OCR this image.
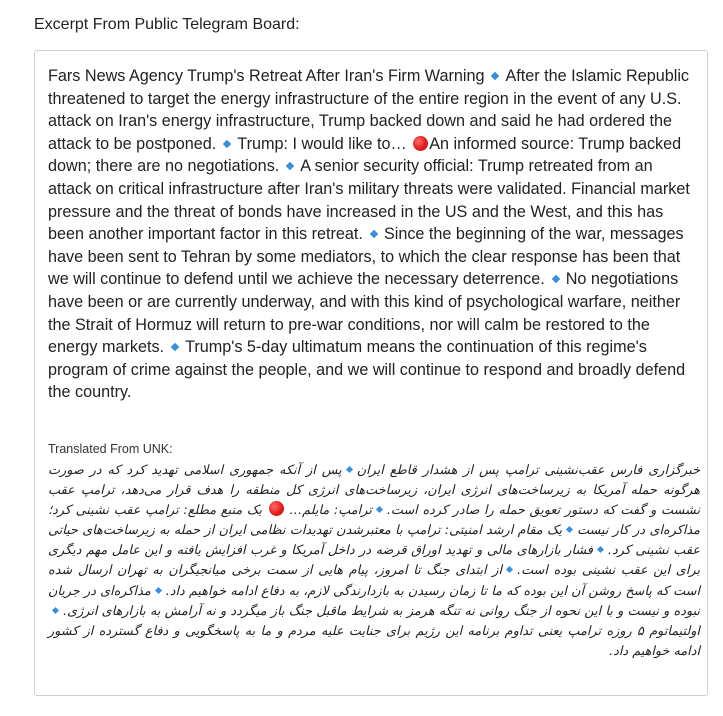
Excerpt From Public Telegram Board:
Fars News Agency Trump's Retreat After Iran's Firm Warning After the Islamic Republic threatened to target the energy infrastructure of the entire region in the event of any U.S. attack on Iran's energy infrastructure, Trump backed down and said he had ordered the attack to be postponed. Trump: I would like to… An informed source: Trump backed down; there are no negotiations. A senior security official: Trump retreated from an attack on critical infrastructure after Iran's military threats were validated. Financial market pressure and the threat of bonds have increased in the US and the West, and this has been another important factor in this retreat. Since the beginning of the war, messages have been sent to Tehran by some mediators, to which the clear response has been that we will continue to defend until we achieve the necessary deterrence. No negotiations have been or are currently underway, and with this kind of psychological warfare, neither the Strait of Hormuz will return to pre-war conditions, nor will calm be restored to the energy markets. Trump's 5-day ultimatum means the continuation of this regime's program of crime against the people, and we will continue to respond and broadly defend the country.
Translated From UNK:
خبرگزاری فارس عقب‌نشینی ترامپ پس از هشدار قاطع ایرانپس از آنکه جمهوری اسلامی تهدید کرد که در صورت هرگونه حمله آمریکا به زیرساخت‌های انرژی ایران، زیرساخت‌های انرژی کل منطقه را هدف قرار می‌دهد، ترامپ عقب نشست و گفت که دستور تعویق حمله را صادر کرده است.ترامپ: مایلم…  یک منبع مطلع: ترامپ عقب نشینی کرد؛ مذاکره‌ای در کار نیستیک مقام ارشد امنیتی: ترامپ با معتبرشدن تهدیدات نظامی ایران از حمله به زیرساخت‌های حیاتی عقب نشینی کرد.فشار بازارهای مالی و تهدید اوراق قرضه در داخل آمریکا و غرب افزایش یافته و این عامل مهم دیگری برای این عقب نشینی بوده است.از ابتدای جنگ تا امروز، پیام هایی از سمت برخی میانجیگران به تهران ارسال شده است که پاسخ روشن آن این بوده که ما تا زمان رسیدن به بازدارندگی لازم، به دفاع ادامه خواهیم داد.مذاکره‌ای در جریان نبوده و نیست و با این نحوه از جنگ روانی نه تنگه هرمز به شرایط ماقبل جنگ باز میگردد و نه آرامش به بازارهای انرژی.اولتیماتوم ۵ روزه ترامپ یعنی تداوم برنامه این رژیم برای جنایت علیه مردم و ما به پاسخگویی و دفاع گسترده از کشور ادامه خواهیم داد.
